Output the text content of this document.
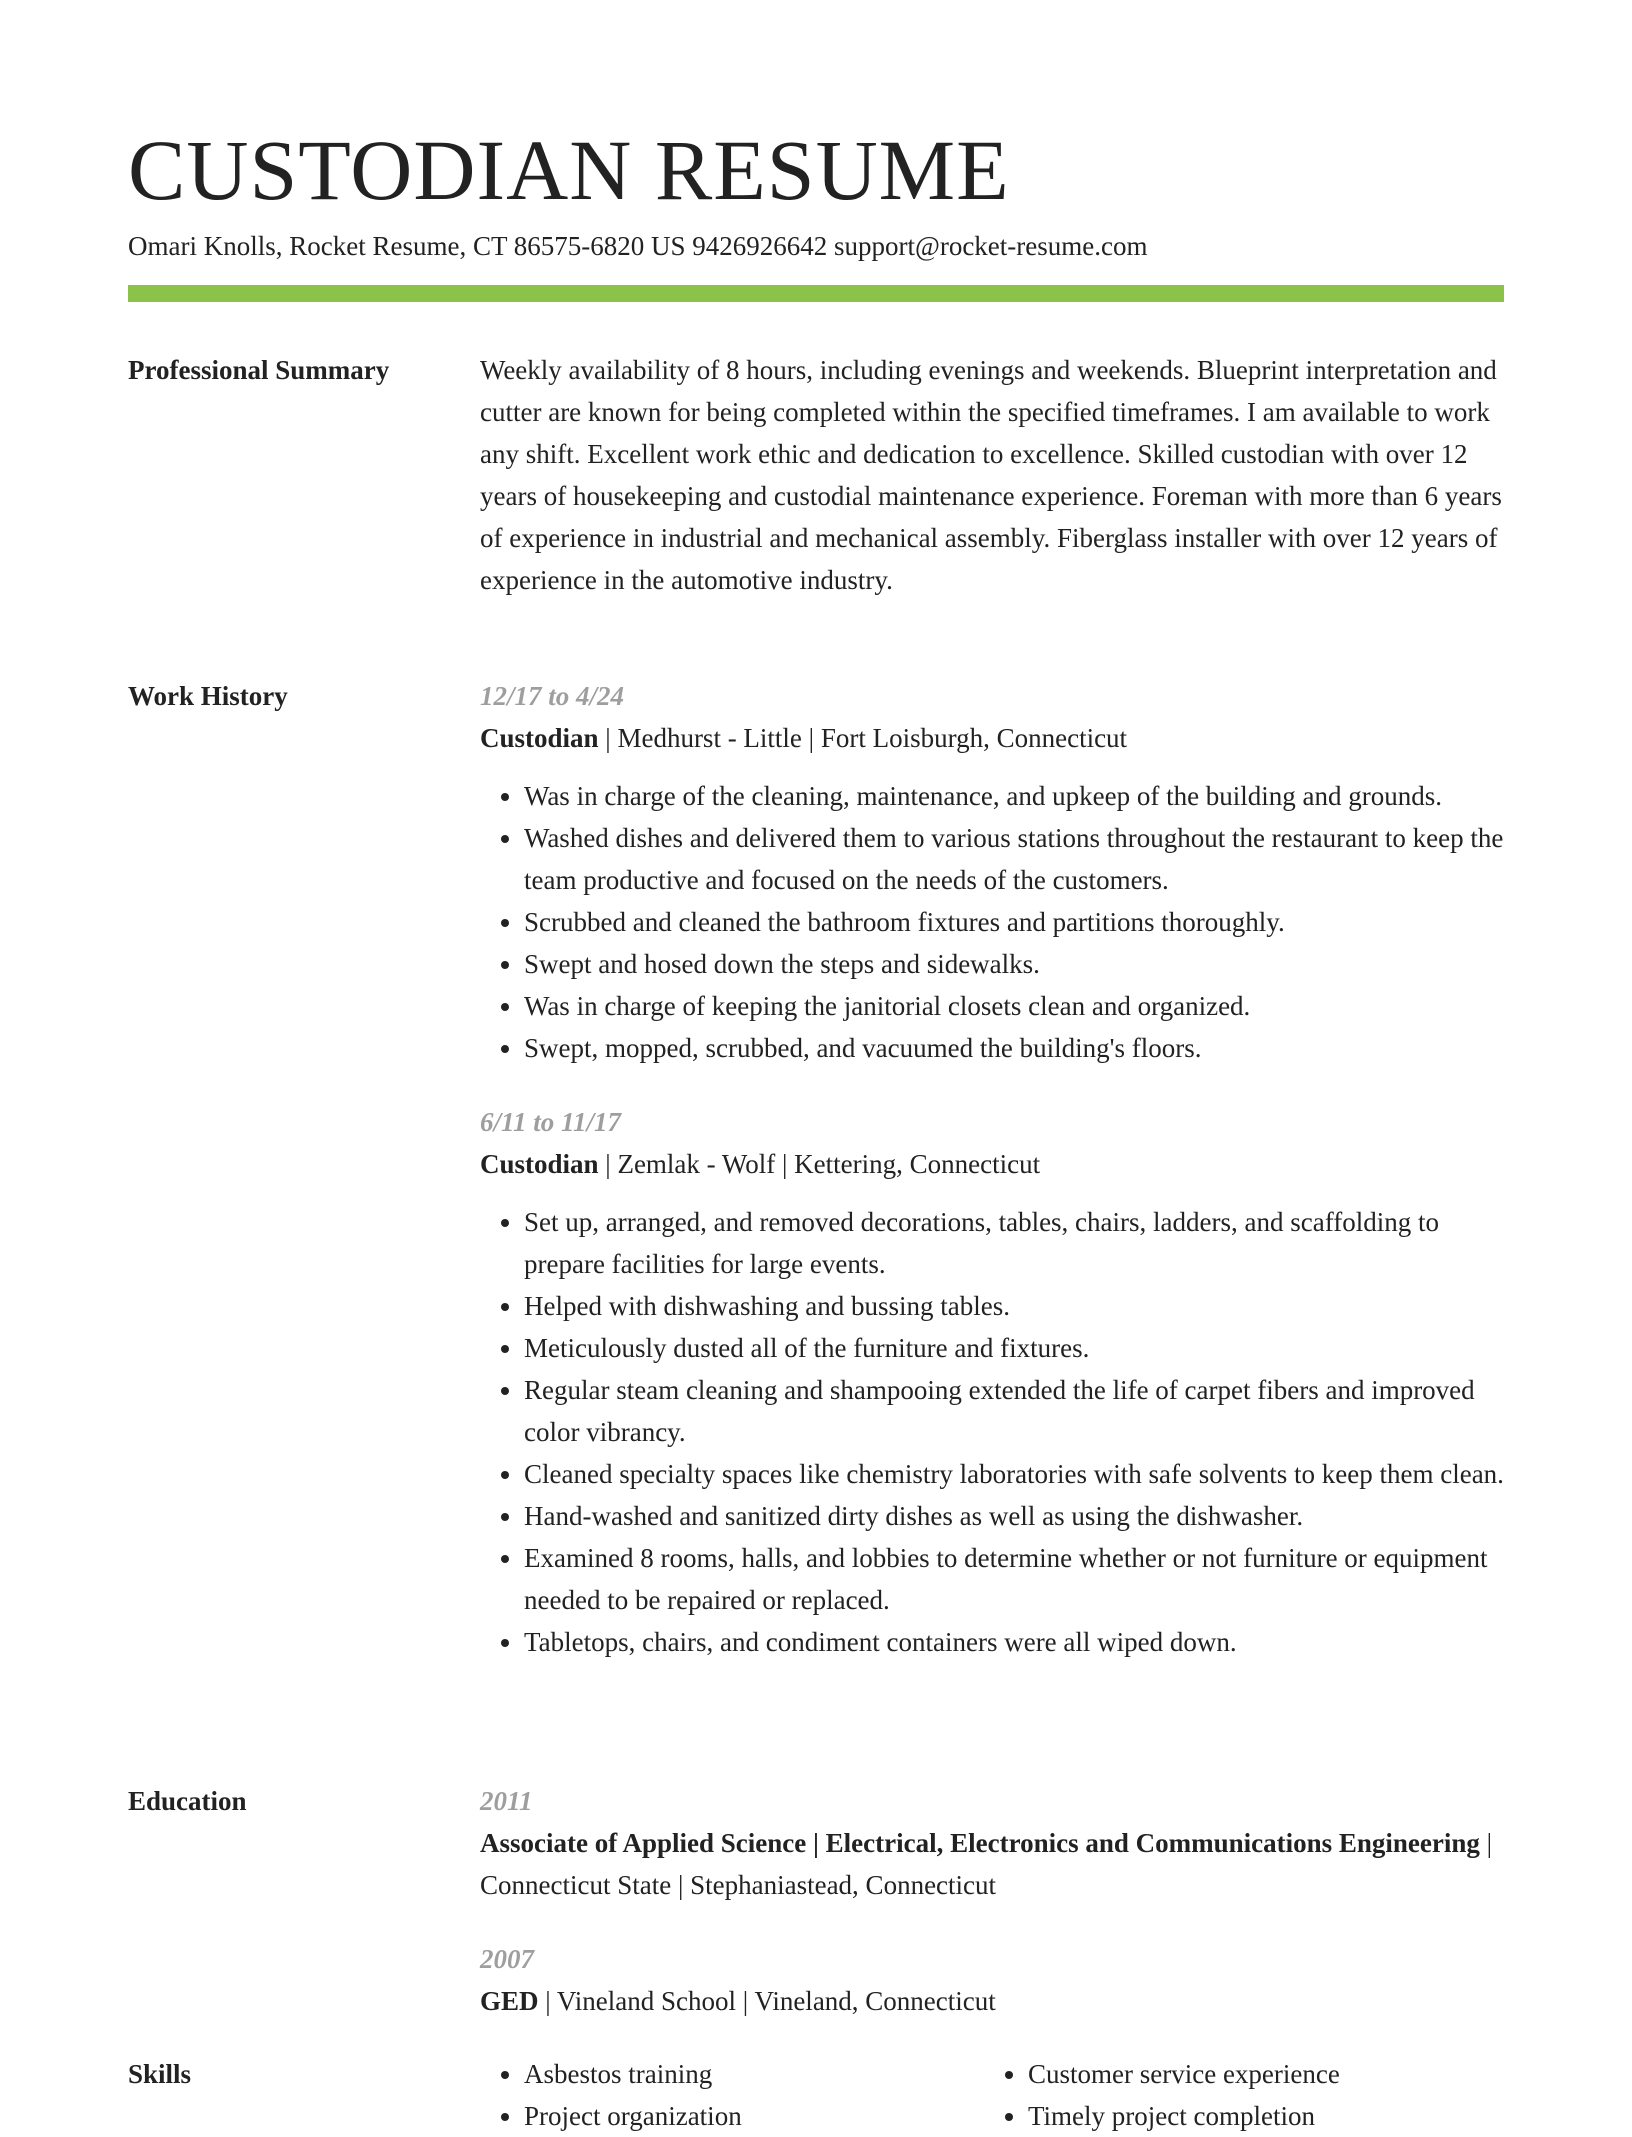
CUSTODIAN RESUME
Omari Knolls, Rocket Resume, CT 86575-6820 US 9426926642 support@rocket-resume.com
Professional Summary	Weekly availability of 8 hours, including evenings and weekends. Blueprint interpretation and cutter are known for being completed within the specified timeframes. I am available to work any shift. Excellent work ethic and dedication to excellence. Skilled custodian with over 12 years of housekeeping and custodial maintenance experience. Foreman with more than 6 years of experience in industrial and mechanical assembly. Fiberglass installer with over 12 years of experience in the automotive industry.

Work History	12/17 to 4/24
Custodian | Medhurst - Little | Fort Loisburgh, Connecticut
• Was in charge of the cleaning, maintenance, and upkeep of the building and grounds.
• Washed dishes and delivered them to various stations throughout the restaurant to keep the team productive and focused on the needs of the customers.
• Scrubbed and cleaned the bathroom fixtures and partitions thoroughly.
• Swept and hosed down the steps and sidewalks.
• Was in charge of keeping the janitorial closets clean and organized.
• Swept, mopped, scrubbed, and vacuumed the building's floors.
6/11 to 11/17
Custodian | Zemlak - Wolf | Kettering, Connecticut
• Set up, arranged, and removed decorations, tables, chairs, ladders, and scaffolding to prepare facilities for large events.
• Helped with dishwashing and bussing tables.
• Meticulously dusted all of the furniture and fixtures.
• Regular steam cleaning and shampooing extended the life of carpet fibers and improved color vibrancy.
• Cleaned specialty spaces like chemistry laboratories with safe solvents to keep them clean.
• Hand-washed and sanitized dirty dishes as well as using the dishwasher.
• Examined 8 rooms, halls, and lobbies to determine whether or not furniture or equipment needed to be repaired or replaced.
• Tabletops, chairs, and condiment containers were all wiped down.
Education	2011
Associate of Applied Science | Electrical, Electronics and Communications Engineering | Connecticut State | Stephaniastead, Connecticut
2007
GED | Vineland School | Vineland, Connecticut
Skills
•	Asbestos training
• Project organization
• Customer service experience
• Timely project completion
